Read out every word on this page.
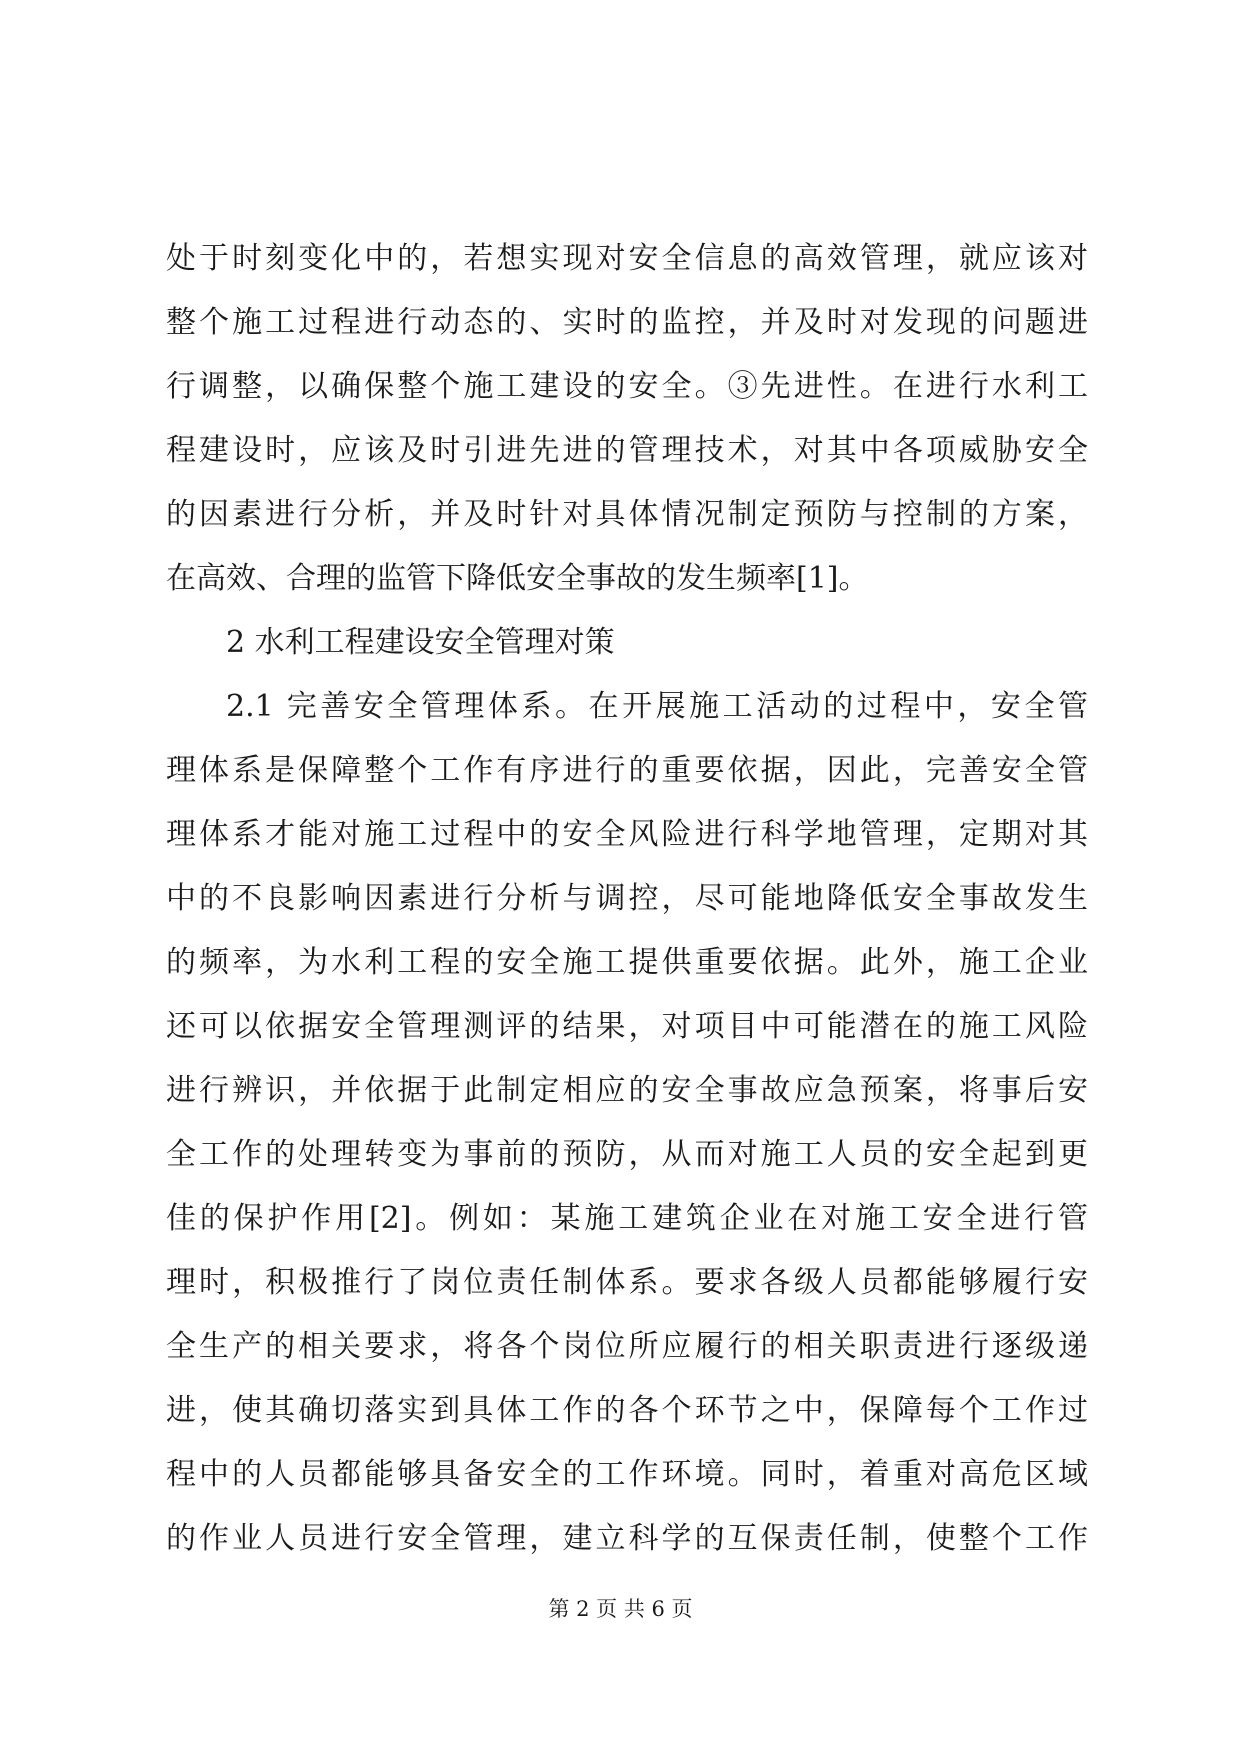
处于时刻变化中的，若想实现对安全信息的高效管理，就应该对
整个施工过程进行动态的、实时的监控，并及时对发现的问题进
行调整，以确保整个施工建设的安全。③先进性。在进行水利工
程建设时，应该及时引进先进的管理技术，对其中各项威胁安全
的因素进行分析，并及时针对具体情况制定预防与控制的方案，
在高效、合理的监管下降低安全事故的发生频率[1]。
2 水利工程建设安全管理对策
2.1 完善安全管理体系。在开展施工活动的过程中，安全管
理体系是保障整个工作有序进行的重要依据，因此，完善安全管
理体系才能对施工过程中的安全风险进行科学地管理，定期对其
中的不良影响因素进行分析与调控，尽可能地降低安全事故发生
的频率，为水利工程的安全施工提供重要依据。此外，施工企业
还可以依据安全管理测评的结果，对项目中可能潜在的施工风险
进行辨识，并依据于此制定相应的安全事故应急预案，将事后安
全工作的处理转变为事前的预防，从而对施工人员的安全起到更
佳的保护作用[2]。例如：某施工建筑企业在对施工安全进行管
理时，积极推行了岗位责任制体系。要求各级人员都能够履行安
全生产的相关要求，将各个岗位所应履行的相关职责进行逐级递
进，使其确切落实到具体工作的各个环节之中，保障每个工作过
程中的人员都能够具备安全的工作环境。同时，着重对高危区域
的作业人员进行安全管理，建立科学的互保责任制，使整个工作
第 2 页 共 6 页
